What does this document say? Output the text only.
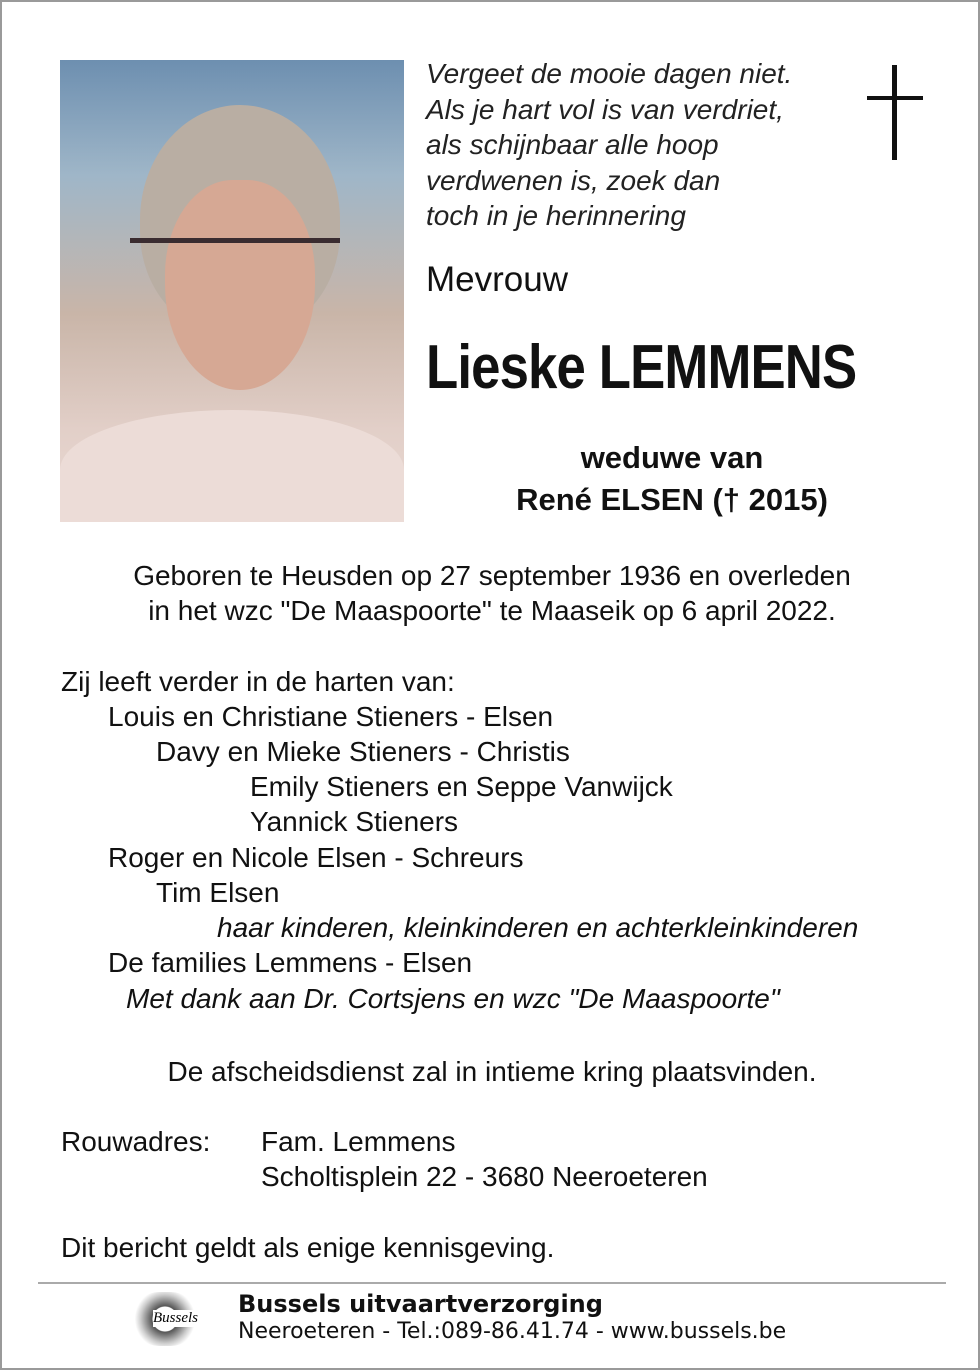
Vergeet de mooie dagen niet.
Als je hart vol is van verdriet,
als schijnbaar alle hoop
verdwenen is, zoek dan
toch in je herinnering
Mevrouw
Lieske LEMMENS
weduwe van
René ELSEN († 2015)
Geboren te Heusden op 27 september 1936 en overleden
in het wzc "De Maaspoorte" te Maaseik op 6 april 2022.
Zij leeft verder in de harten van:
Louis en Christiane Stieners - Elsen
Davy en Mieke Stieners - Christis
Emily Stieners en Seppe Vanwijck
Yannick Stieners
Roger en Nicole Elsen - Schreurs
Tim Elsen
haar kinderen, kleinkinderen en achterkleinkinderen
De families Lemmens - Elsen
Met dank aan Dr. Cortsjens en wzc "De Maaspoorte"
De afscheidsdienst zal in intieme kring plaatsvinden.
Rouwadres: Fam. Lemmens
Scholtisplein 22 - 3680 Neeroeteren
Dit bericht geldt als enige kennisgeving.
Bussels Bussels uitvaartverzorging
Neeroeteren - Tel.:089-86.41.74 - www.bussels.be
